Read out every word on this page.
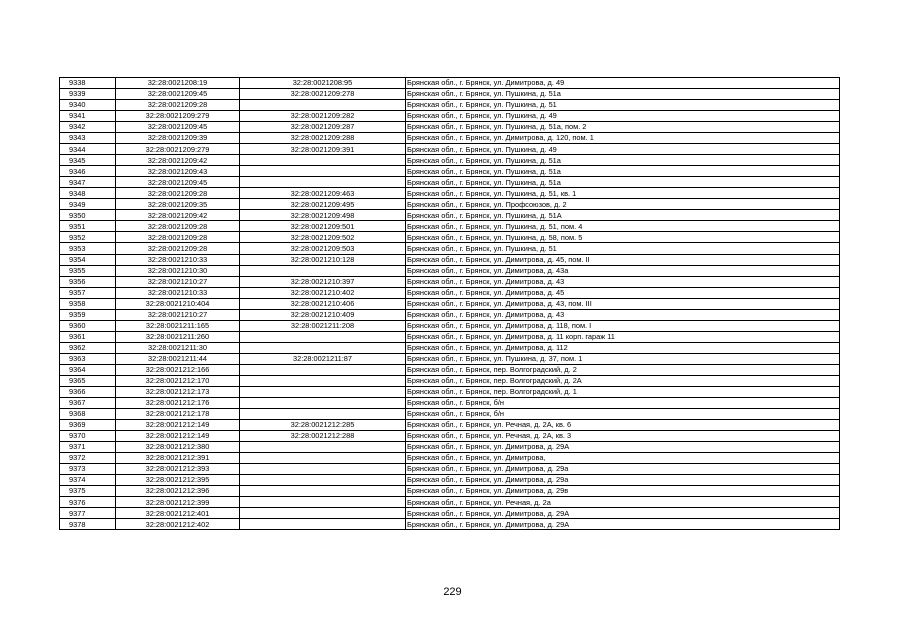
9338	32:28:0021208:19	32:28:0021208:95	Брянская обл., г. Брянск, ул. Димитрова, д. 49
9339	32:28:0021209:45	32:28:0021209:278	Брянская обл., г. Брянск, ул. Пушкина, д. 51а
9340	32:28:0021209:28		Брянская обл., г. Брянск, ул. Пушкина, д. 51
9341	32:28:0021209:279	32:28:0021209:282	Брянская обл., г. Брянск, ул. Пушкина, д. 49
9342	32:28:0021209:45	32:28:0021209:287	Брянская обл., г. Брянск, ул. Пушкина, д. 51а, пом. 2
9343	32:28:0021209:39	32:28:0021209:288	Брянская обл., г. Брянск, ул. Димитрова, д. 120, пом. 1
9344	32:28:0021209:279	32:28:0021209:391	Брянская обл., г. Брянск, ул. Пушкина, д. 49
9345	32:28:0021209:42		Брянская обл., г. Брянск, ул. Пушкина, д. 51а
9346	32:28:0021209:43		Брянская обл., г. Брянск, ул. Пушкина, д. 51а
9347	32:28:0021209:45		Брянская обл., г. Брянск, ул. Пушкина, д. 51а
9348	32:28:0021209:28	32:28:0021209:463	Брянская обл., г. Брянск, ул. Пушкина, д. 51, кв. 1
9349	32:28:0021209:35	32:28:0021209:495	Брянская обл., г. Брянск, ул. Профсоюзов, д. 2
9350	32:28:0021209:42	32:28:0021209:498	Брянская обл., г. Брянск, ул. Пушкина, д. 51А
9351	32:28:0021209:28	32:28:0021209:501	Брянская обл., г. Брянск, ул. Пушкина, д. 51, пом. 4
9352	32:28:0021209:28	32:28:0021209:502	Брянская обл., г. Брянск, ул. Пушкина, д. 58, пом. 5
9353	32:28:0021209:28	32:28:0021209:503	Брянская обл., г. Брянск, ул. Пушкина, д. 51
9354	32:28:0021210:33	32:28:0021210:128	Брянская обл., г. Брянск, ул. Димитрова, д. 45, пом. II
9355	32:28:0021210:30		Брянская обл., г. Брянск, ул. Димитрова, д. 43а
9356	32:28:0021210:27	32:28:0021210:397	Брянская обл., г. Брянск, ул. Димитрова, д. 43
9357	32:28:0021210:33	32:28:0021210:402	Брянская обл., г. Брянск, ул. Димитрова, д. 45
9358	32:28:0021210:404	32:28:0021210:406	Брянская обл., г. Брянск, ул. Димитрова, д. 43, пом. III
9359	32:28:0021210:27	32:28:0021210:409	Брянская обл., г. Брянск, ул. Димитрова, д. 43
9360	32:28:0021211:165	32:28:0021211:208	Брянская обл., г. Брянск, ул. Димитрова, д. 118, пом. I
9361	32:28:0021211:260		Брянская обл., г. Брянск, ул. Димитрова, д. 11 корп. гараж 11
9362	32:28:0021211:30		Брянская обл., г. Брянск, ул. Димитрова, д. 112
9363	32:28:0021211:44	32:28:0021211:87	Брянская обл., г. Брянск, ул. Пушкина, д. 37, пом. 1
9364	32:28:0021212:166		Брянская обл., г. Брянск, пер. Волгоградский, д. 2
9365	32:28:0021212:170		Брянская обл., г. Брянск, пер. Волгоградский, д. 2А
9366	32:28:0021212:173		Брянская обл., г. Брянск, пер. Волгоградский, д. 1
9367	32:28:0021212:176		Брянская обл., г. Брянск, б/н
9368	32:28:0021212:178		Брянская обл., г. Брянск, б/н
9369	32:28:0021212:149	32:28:0021212:285	Брянская обл., г. Брянск, ул. Речная, д. 2А, кв. 6
9370	32:28:0021212:149	32:28:0021212:288	Брянская обл., г. Брянск, ул. Речная, д. 2А, кв. 3
9371	32:28:0021212:380		Брянская обл., г. Брянск, ул. Димитрова, д. 29А
9372	32:28:0021212:391		Брянская обл., г. Брянск, ул. Димитрова,
9373	32:28:0021212:393		Брянская обл., г. Брянск, ул. Димитрова, д. 29а
9374	32:28:0021212:395		Брянская обл., г. Брянск, ул. Димитрова, д. 29а
9375	32:28:0021212:396		Брянская обл., г. Брянск, ул. Димитрова, д. 29в
9376	32:28:0021212:399		Брянская обл., г. Брянск, ул. Речная, д. 2а
9377	32:28:0021212:401		Брянская обл., г. Брянск, ул. Димитрова, д. 29А
9378	32:28:0021212:402		Брянская обл., г. Брянск, ул. Димитрова, д. 29А
229
